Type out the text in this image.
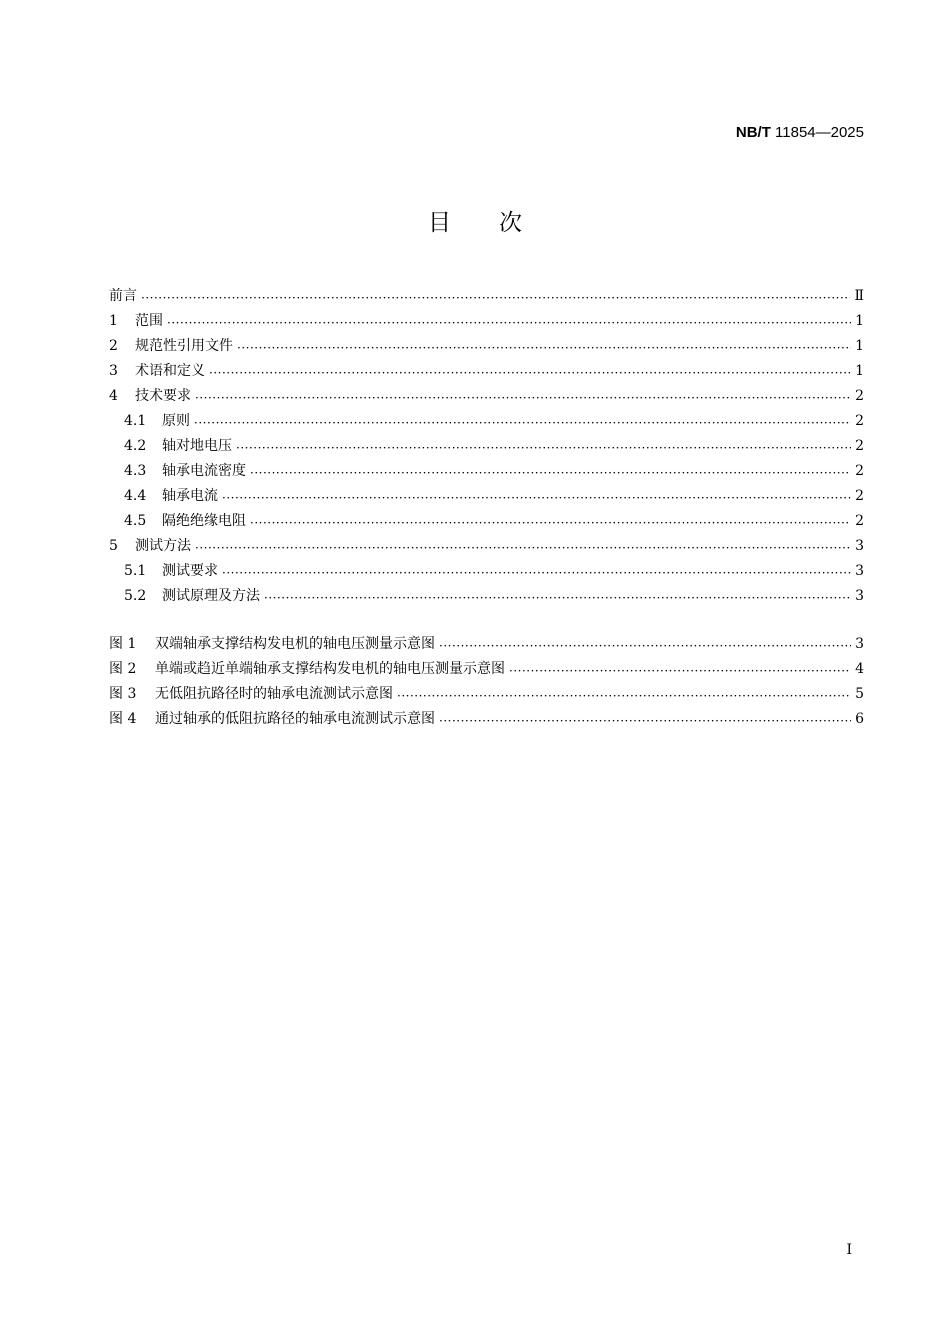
NB/T 11854—2025
目次
前言 ·····	Ⅱ
1	范围 ·····	1
2	规范性引用文件 ·····	1
3	术语和定义 ·····	1
4	技术要求 ·····	2
4.1	原则 ·····	2
4.2	轴对地电压 ·····	2
4.3	轴承电流密度 ·····	2
4.4	轴承电流 ·····	2
4.5	隔绝绝缘电阻 ·····	2
5	测试方法 ·····	3
5.1	测试要求 ·····	3
5.2	测试原理及方法 ·····	3
图 1	双端轴承支撑结构发电机的轴电压测量示意图 ·····	3
图 2	单端或趋近单端轴承支撑结构发电机的轴电压测量示意图 ·····	4
图 3	无低阻抗路径时的轴承电流测试示意图 ·····	5
图 4	通过轴承的低阻抗路径的轴承电流测试示意图 ·····	6
I
